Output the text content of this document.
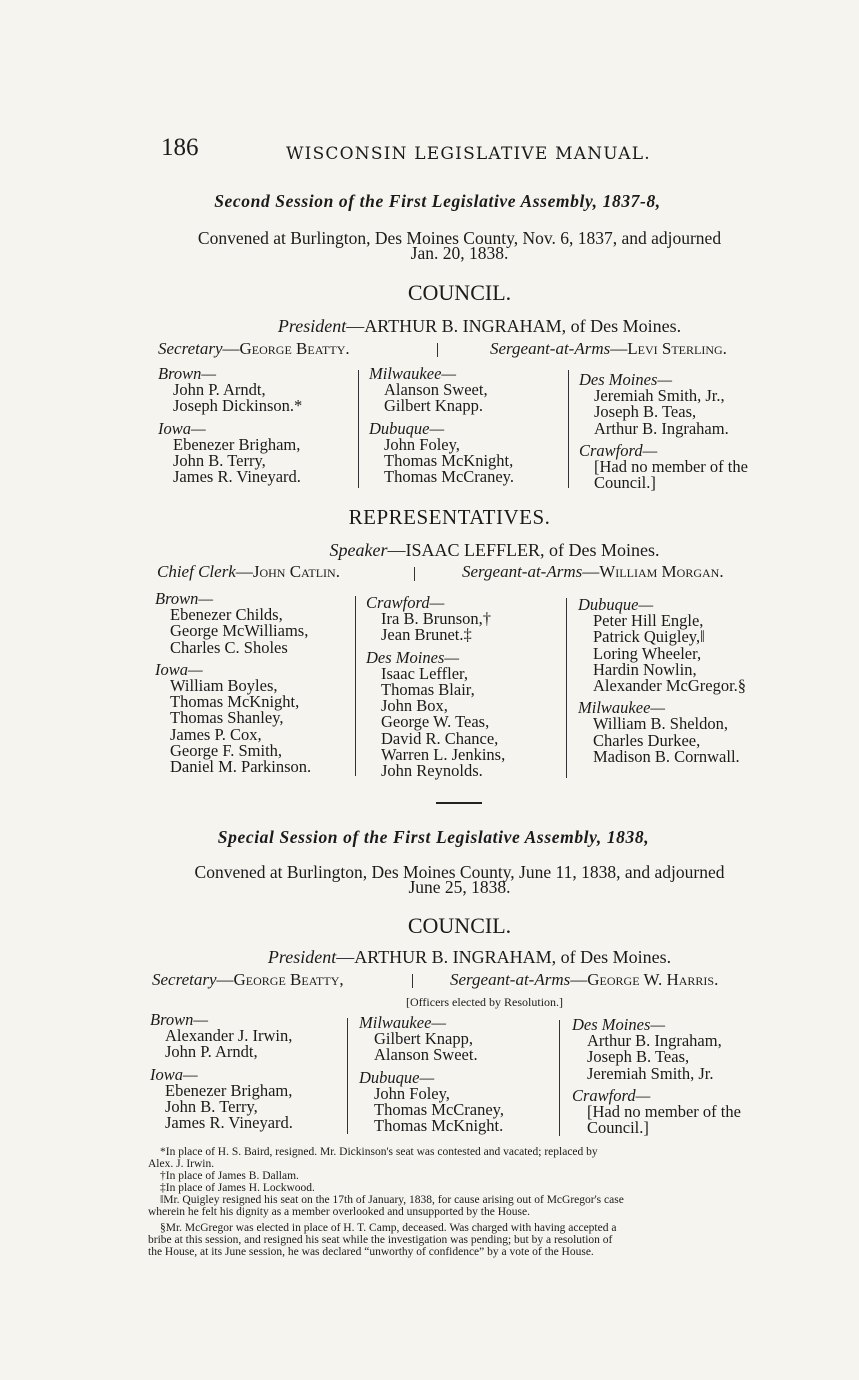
186	WISCONSIN LEGISLATIVE MANUAL.
Second Session of the First Legislative Assembly, 1837-8,
Convened at Burlington, Des Moines County, Nov. 6, 1837, and adjourned
Jan. 20, 1838.
COUNCIL.
President—ARTHUR B. INGRAHAM, of Des Moines.
Secretary—George Beatty.	Sergeant-at-Arms—Levi Sterling.
Brown—
John P. Arndt,
Joseph Dickinson.*
Iowa—
Ebenezer Brigham,
John B. Terry,
James R. Vineyard.
Milwaukee—
Alanson Sweet,
Gilbert Knapp.
Dubuque—
John Foley,
Thomas McKnight,
Thomas McCraney.
Des Moines—
Jeremiah Smith, Jr.,
Joseph B. Teas,
Arthur B. Ingraham.
Crawford—
[Had no member of the
Council.]
REPRESENTATIVES.
Speaker—ISAAC LEFFLER, of Des Moines.
Chief Clerk—John Catlin.	Sergeant-at-Arms—William Morgan.
Brown—
Ebenezer Childs,
George McWilliams,
Charles C. Sholes
Iowa—
William Boyles,
Thomas McKnight,
Thomas Shanley,
James P. Cox,
George F. Smith,
Daniel M. Parkinson.
Crawford—
Ira B. Brunson,†
Jean Brunet.‡
Des Moines—
Isaac Leffler,
Thomas Blair,
John Box,
George W. Teas,
David R. Chance,
Warren L. Jenkins,
John Reynolds.
Dubuque—
Peter Hill Engle,
Patrick Quigley,‖
Loring Wheeler,
Hardin Nowlin,
Alexander McGregor.§
Milwaukee—
William B. Sheldon,
Charles Durkee,
Madison B. Cornwall.
Special Session of the First Legislative Assembly, 1838,
Convened at Burlington, Des Moines County, June 11, 1838, and adjourned
June 25, 1838.
COUNCIL.
President—ARTHUR B. INGRAHAM, of Des Moines.
Secretary—George Beatty,	Sergeant-at-Arms—George W. Harris.
[Officers elected by Resolution.]
Brown—
Alexander J. Irwin,
John P. Arndt,
Iowa—
Ebenezer Brigham,
John B. Terry,
James R. Vineyard.
Milwaukee—
Gilbert Knapp,
Alanson Sweet.
Dubuque—
John Foley,
Thomas McCraney,
Thomas McKnight.
Des Moines—
Arthur B. Ingraham,
Joseph B. Teas,
Jeremiah Smith, Jr.
Crawford—
[Had no member of the
Council.]
*In place of H. S. Baird, resigned. Mr. Dickinson's seat was contested and vacated; replaced by
Alex. J. Irwin.
†In place of James B. Dallam.
‡In place of James H. Lockwood.
‖Mr. Quigley resigned his seat on the 17th of January, 1838, for cause arising out of McGregor's case
wherein he felt his dignity as a member overlooked and unsupported by the House.
§Mr. McGregor was elected in place of H. T. Camp, deceased. Was charged with having accepted a
bribe at this session, and resigned his seat while the investigation was pending; but by a resolution of
the House, at its June session, he was declared “unworthy of confidence” by a vote of the House.
